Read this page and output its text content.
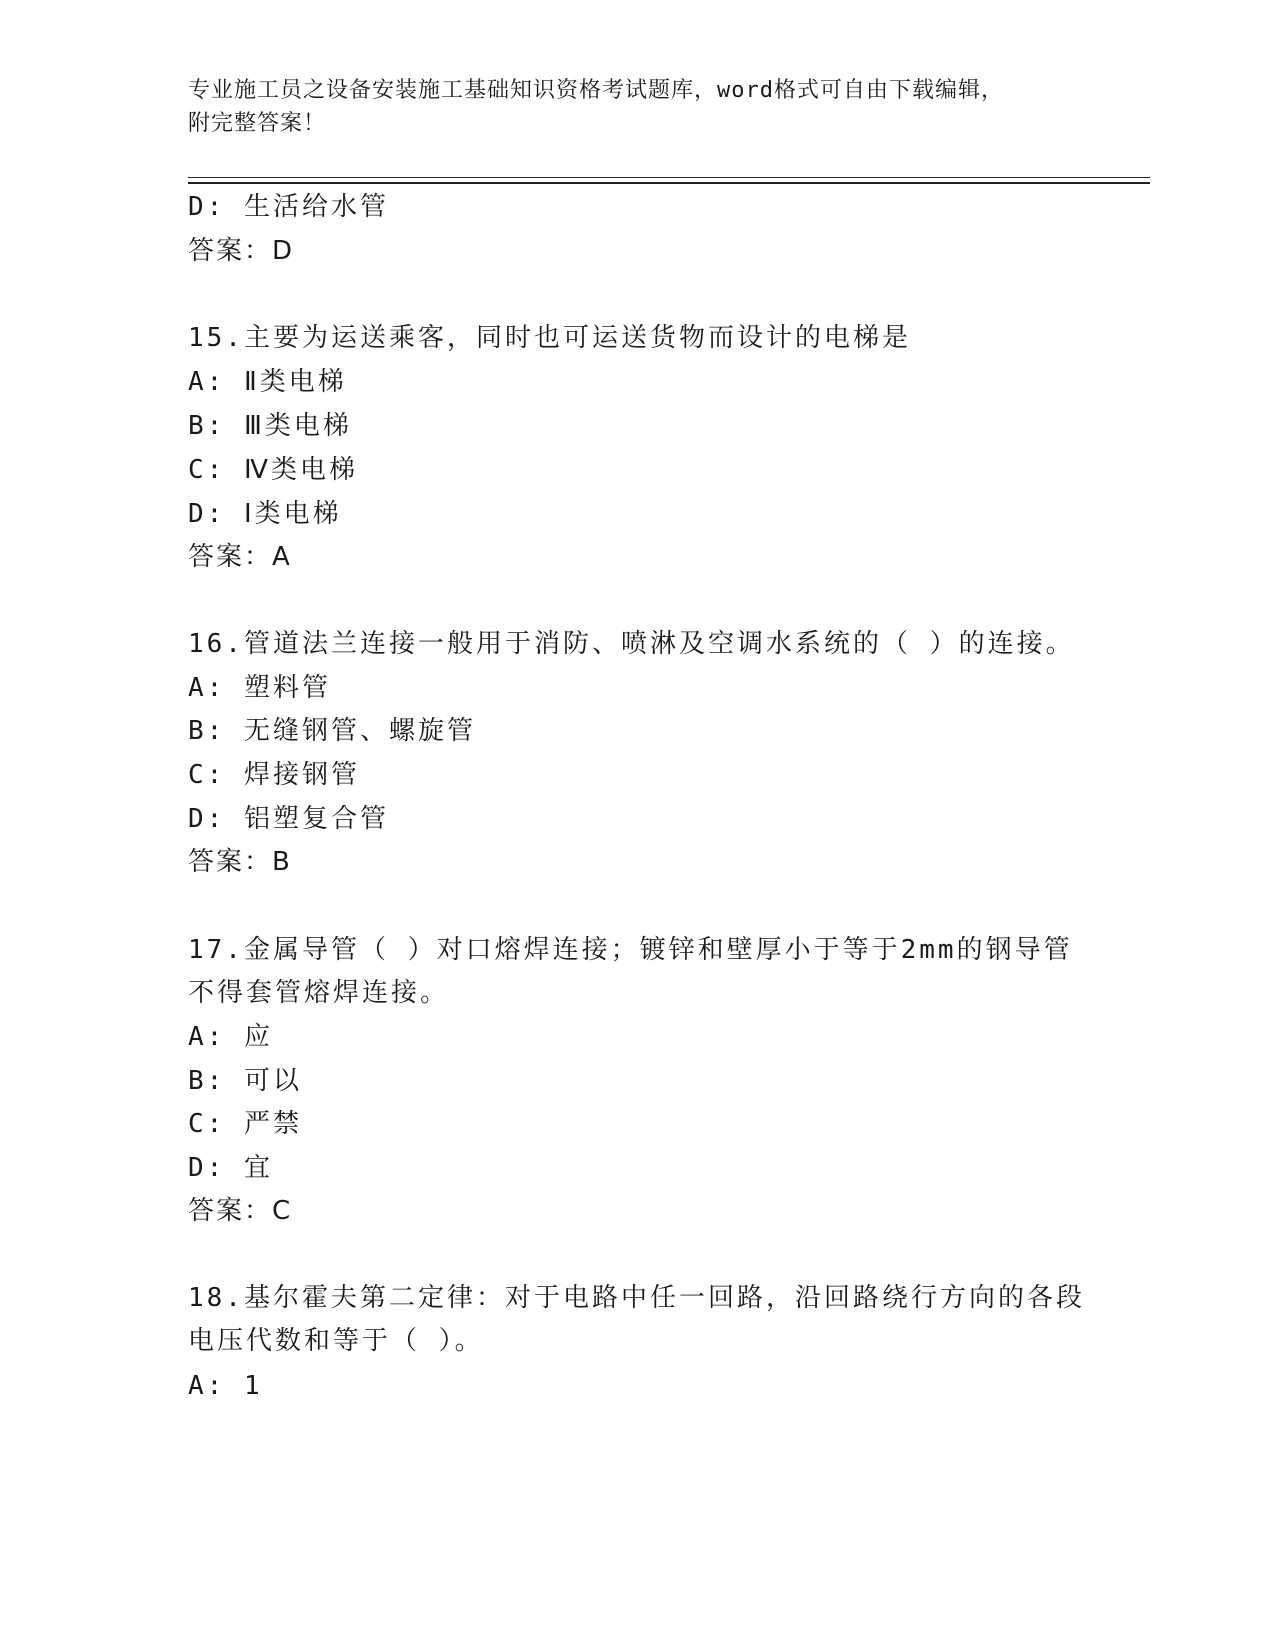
专业施工员之设备安装施工基础知识资格考试题库，word格式可自由下载编辑，
附完整答案！
D: 生活给水管
答案：D
15.主要为运送乘客，同时也可运送货物而设计的电梯是
A: Ⅱ类电梯
B: Ⅲ类电梯
C: Ⅳ类电梯
D: Ⅰ类电梯
答案：A
16.管道法兰连接一般用于消防、喷淋及空调水系统的（ ）的连接。
A: 塑料管
B: 无缝钢管、螺旋管
C: 焊接钢管
D: 铝塑复合管
答案：B
17.金属导管（ ）对口熔焊连接；镀锌和壁厚小于等于2mm的钢导管
不得套管熔焊连接。
A: 应
B: 可以
C: 严禁
D: 宜
答案：C
18.基尔霍夫第二定律：对于电路中任一回路，沿回路绕行方向的各段
电压代数和等于（ ）。
A: 1
